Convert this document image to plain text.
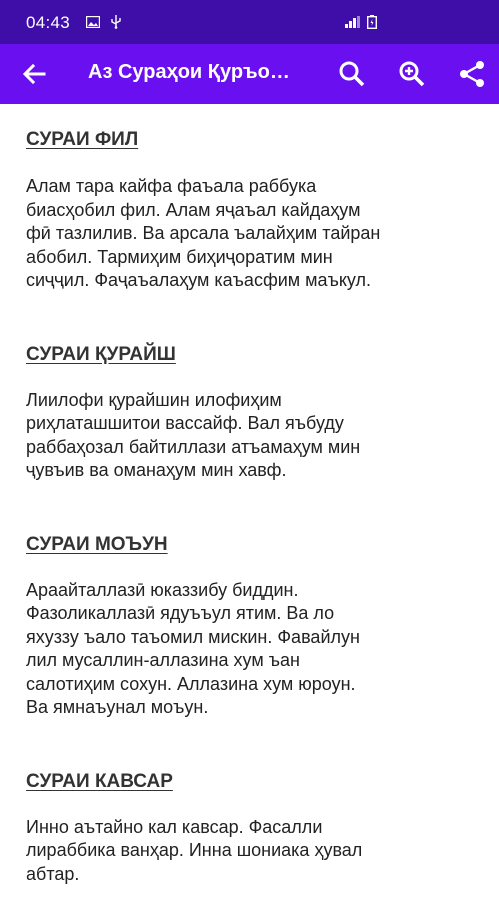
04:43
Аз Сураҳои Қуръо…
СУРАИ ФИЛ

Алам тара кайфа фаъала раббука
биасҳобил фил. Алам яҷаъал кайдаҳум
фӣ тазлилив. Ва арсала ъалайҳим тайран
абобил. Тармиҳим биҳиҷоратим мин
сиҷҷил. Фаҷаъалаҳум каъасфим маъкул.

СУРАИ ҚУРАЙШ

Лиилофи қурайшин илофиҳим
риҳлаташшитои вассайф. Вал яъбуду
раббаҳозал байтиллази атъамаҳум мин
ҷувъив ва оманаҳум мин хавф.

СУРАИ МОЪУН

Араайталлазӣ юказзибу биддин.
Фазоликаллазӣ ядуъъул ятим. Ва ло
яхуззу ъало таъомил мискин. Фавайлун
лил мусаллин-аллазина хум ъан
салотиҳим сохун. Аллазина хум юроун.
Ва ямнаъунал моъун.

СУРАИ КАВСАР

Инно аътайно кал кавсар. Фасалли
лираббика ванҳар. Инна шониака ҳувал
абтар.
